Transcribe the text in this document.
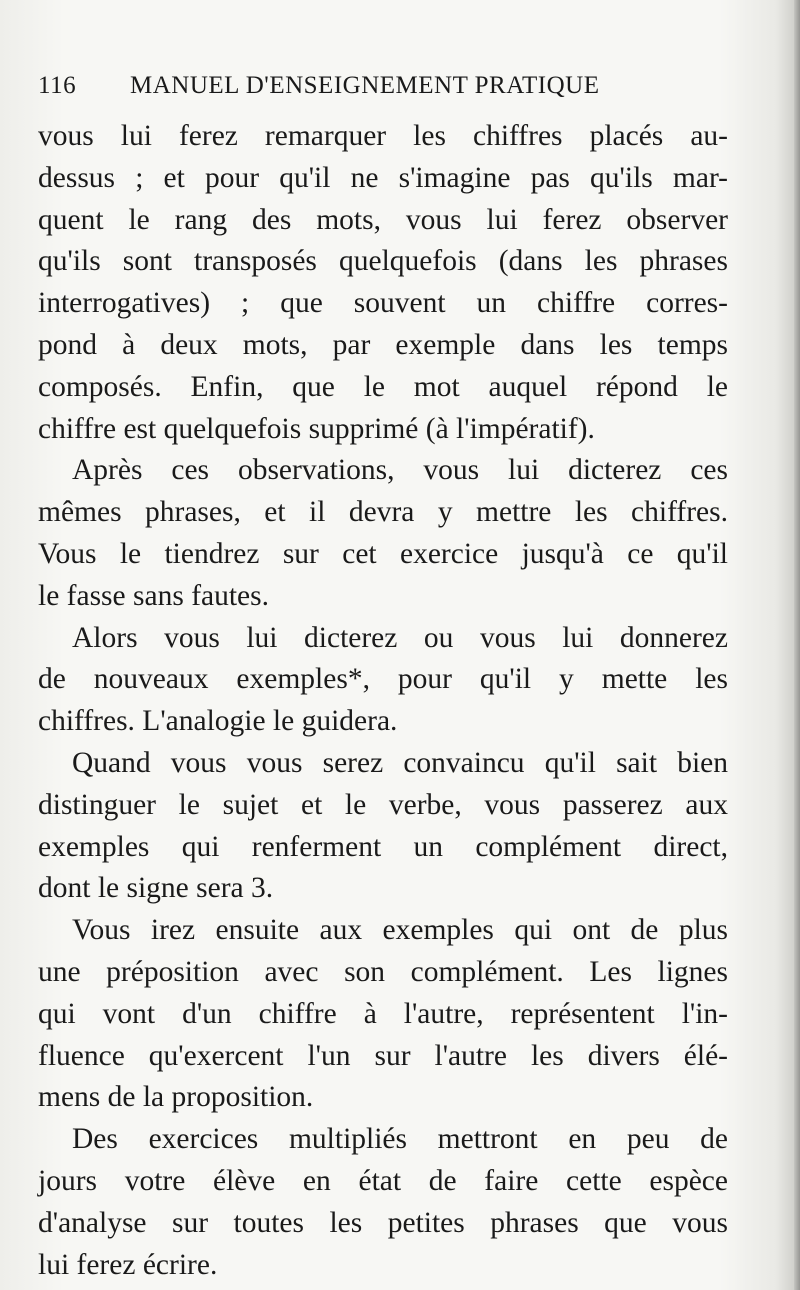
116 MANUEL D'ENSEIGNEMENT PRATIQUE
vous lui ferez remarquer les chiffres placés au-
dessus ; et pour qu'il ne s'imagine pas qu'ils mar-
quent le rang des mots, vous lui ferez observer
qu'ils sont transposés quelquefois (dans les phrases
interrogatives) ; que souvent un chiffre corres-
pond à deux mots, par exemple dans les temps
composés. Enfin, que le mot auquel répond le
chiffre est quelquefois supprimé (à l'impératif).
Après ces observations, vous lui dicterez ces
mêmes phrases, et il devra y mettre les chiffres.
Vous le tiendrez sur cet exercice jusqu'à ce qu'il
le fasse sans fautes.
Alors vous lui dicterez ou vous lui donnerez
de nouveaux exemples*, pour qu'il y mette les
chiffres. L'analogie le guidera.
Quand vous vous serez convaincu qu'il sait bien
distinguer le sujet et le verbe, vous passerez aux
exemples qui renferment un complément direct,
dont le signe sera 3.
Vous irez ensuite aux exemples qui ont de plus
une préposition avec son complément. Les lignes
qui vont d'un chiffre à l'autre, représentent l'in-
fluence qu'exercent l'un sur l'autre les divers élé-
mens de la proposition.
Des exercices multipliés mettront en peu de
jours votre élève en état de faire cette espèce
d'analyse sur toutes les petites phrases que vous
lui ferez écrire.
